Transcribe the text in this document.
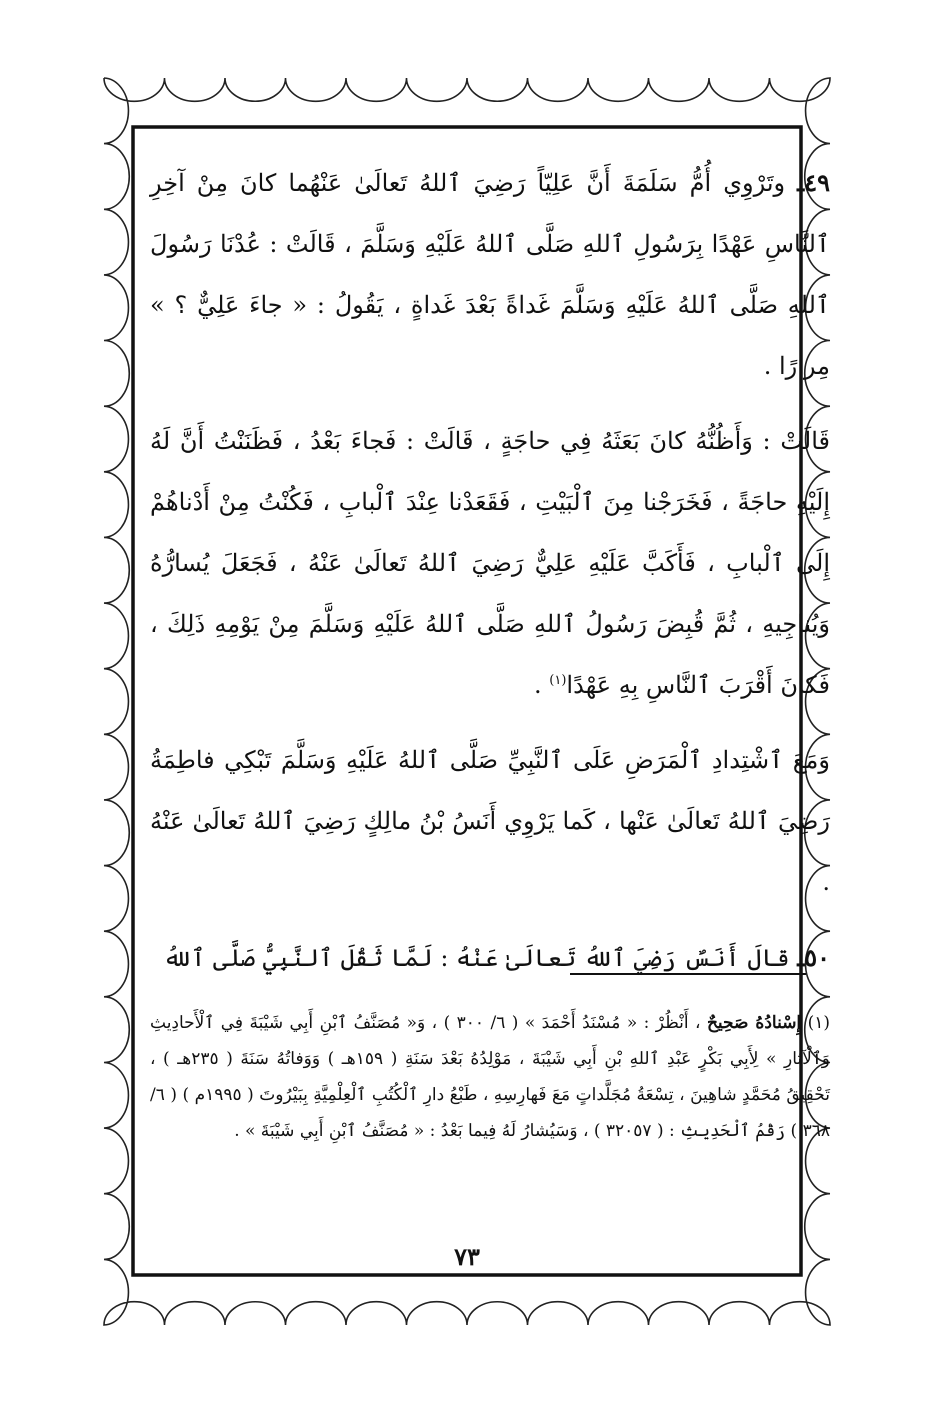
٤٩ـ وتَرْوِي أُمُّ سَلَمَةَ أَنَّ عَلِيّاً رَضِيَ ٱللهُ تَعالَىٰ عَنْهُما كانَ مِنْ آخِرِ ٱلنَّاسِ عَهْدًا بِرَسُولِ ٱللهِ صَلَّى ٱللهُ عَلَيْهِ وَسَلَّمَ ، قَالَتْ : عُدْنَا رَسُولَ ٱللهِ صَلَّى ٱللهُ عَلَيْهِ وَسَلَّمَ غَداةً بَعْدَ غَداةٍ ، يَقُولُ : « جاءَ عَلِيٌّ ؟ » مِرارًا .

قَالَتْ : وَأَظُنُّهُ كانَ بَعَثَهُ فِي حاجَةٍ ، قَالَتْ : فَجاءَ بَعْدُ ، فَظَنَنْتُ أَنَّ لَهُ إِلَيْهِ حاجَةً ، فَخَرَجْنا مِنَ ٱلْبَيْتِ ، فَقَعَدْنا عِنْدَ ٱلْبابِ ، فَكُنْتُ مِنْ أَدْناهُمْ إِلَى ٱلْبابِ ، فَأَكَبَّ عَلَيْهِ عَلِيٌّ رَضِيَ ٱللهُ تَعالَىٰ عَنْهُ ، فَجَعَلَ يُسارُّهُ وَيُناجِيهِ ، ثُمَّ قُبِضَ رَسُولُ ٱللهِ صَلَّى ٱللهُ عَلَيْهِ وَسَلَّمَ مِنْ يَوْمِهِ ذَلِكَ ، فَكانَ أَقْرَبَ ٱلنَّاسِ بِهِ عَهْدًا$^{(١)}$ .

وَمَعَ ٱشْتِدادِ ٱلْمَرَضِ عَلَى ٱلنَّبِيِّ صَلَّى ٱللهُ عَلَيْهِ وَسَلَّمَ تَبْكِي فاطِمَةُ رَضِيَ ٱللهُ تَعالَىٰ عَنْها ، كَما يَرْوِي أَنَسُ بْنُ مالِكٍ رَضِيَ ٱللهُ تَعالَىٰ عَنْهُ .

٥٠ـ قالَ أَنَسٌ رَضِيَ ٱللهُ تَعالَىٰ عَنْهُ : لَمَّا ثَقُلَ ٱلنَّبِيُّ صَلَّى ٱللهُ

(١) إِسْنادُهُ صَحِيحٌ ، أَنْظُرْ : « مُسْنَدُ أَحْمَدَ » ( ٦/ ٣٠٠ ) ، وَ« مُصَنَّفُ ٱبْنِ أَبِي شَيْبَةَ فِي ٱلْأَحادِيثِ وَٱلْآثارِ » لِأَبِي بَكْرٍ عَبْدِ ٱللهِ بْنِ أَبِي شَيْبَةَ ، مَوْلِدُهُ بَعْدَ سَنَةِ ( ١٥٩هـ ) وَوَفاتُهُ سَنَةَ ( ٢٣٥هـ ) ، تَحْقِيقُ مُحَمَّدٍ شاهِينَ ، تِسْعَةُ مُجَلَّداتٍ مَعَ فَهارِسِهِ ، طَبْعُ دارِ ٱلْكُتُبِ ٱلْعِلْمِيَّةِ بِبَيْرُوتَ ( ١٩٩٥م ) ( ٦/ ٣٦٨ ) رَقْمُ ٱلْحَدِيثِ : ( ٣٢٠٥٧ ) ، وَسَيُشارُ لَهُ فِيما بَعْدُ : « مُصَنَّفُ ٱبْنِ أَبِي شَيْبَةَ » .
٧٣
